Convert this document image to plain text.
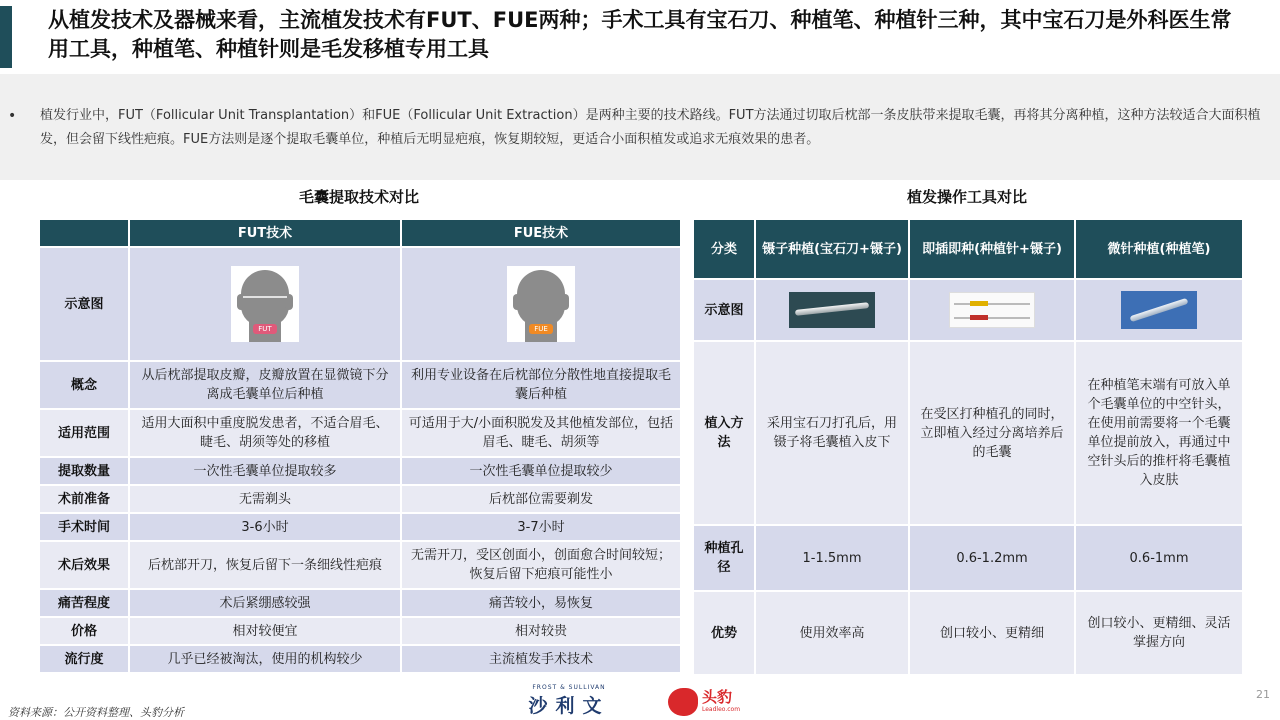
从植发技术及器械来看，主流植发技术有FUT、FUE两种；手术工具有宝石刀、种植笔、种植针三种，其中宝石刀是外科医生常用工具，种植笔、种植针则是毛发移植专用工具
• 植发行业中，FUT（Follicular Unit Transplantation）和FUE（Follicular Unit Extraction）是两种主要的技术路线。FUT方法通过切取后枕部一条皮肤带来提取毛囊，再将其分离种植，这种方法较适合大面积植发，但会留下线性疤痕。FUE方法则是逐个提取毛囊单位，种植后无明显疤痕，恢复期较短，更适合小面积植发或追求无痕效果的患者。
毛囊提取技术对比	植发操作工具对比
	FUT技术	FUE技术
示意图	FUT	FUE

概念	从后枕部提取皮瓣，皮瓣放置在显微镜下分离成毛囊单位后种植	利用专业设备在后枕部位分散性地直接提取毛囊后种植
适用范围	适用大面积中重度脱发患者，不适合眉毛、睫毛、胡须等处的移植	可适用于大/小面积脱发及其他植发部位，包括眉毛、睫毛、胡须等
提取数量	一次性毛囊单位提取较多	一次性毛囊单位提取较少
术前准备	无需剃头	后枕部位需要剃发
手术时间	3-6小时	3-7小时
术后效果	后枕部开刀，恢复后留下一条细线性疤痕	无需开刀，受区创面小，创面愈合时间较短；恢复后留下疤痕可能性小
痛苦程度	术后紧绷感较强	痛苦较小，易恢复
价格	相对较便宜	相对较贵
流行度	几乎已经被淘汰，使用的机构较少	主流植发手术技术
分类	镊子种植(宝石刀+镊子)	即插即种(种植针+镊子)	微针种植(种植笔)
示意图	

植入方法	采用宝石刀打孔后，用镊子将毛囊植入皮下	在受区打种植孔的同时，立即植入经过分离培养后的毛囊	在种植笔末端有可放入单个毛囊单位的中空针头，在使用前需要将一个毛囊单位提前放入，再通过中空针头后的推杆将毛囊植入皮肤
种植孔径	1-1.5mm	0.6-1.2mm	0.6-1mm
优势	使用效率高	创口较小、更精细	创口较小、更精细、灵活掌握方向
资料来源：公开资料整理、头豹分析
FROST & SULLIVAN
沙利文	头豹
Leadleo.com
21
